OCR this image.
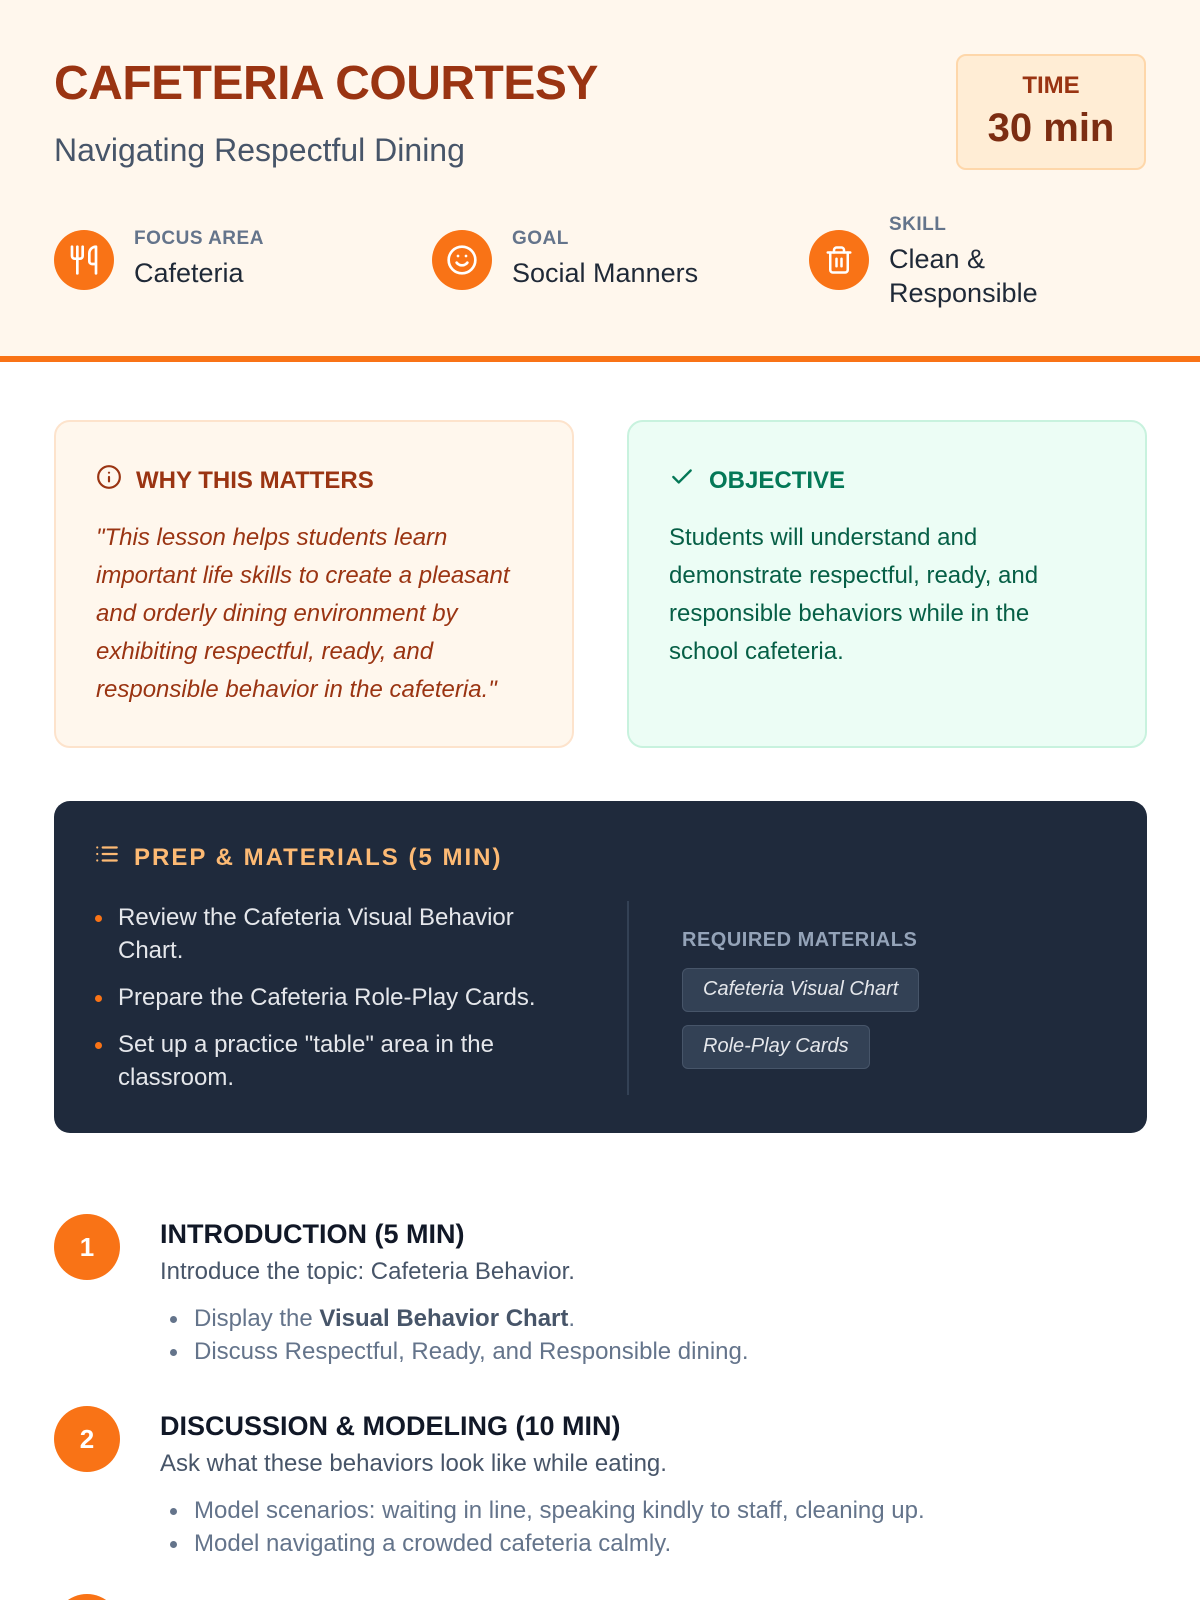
CAFETERIA COURTESY
Navigating Respectful Dining
TIME
30 min
FOCUS AREA
Cafeteria
GOAL
Social Manners
SKILL
Clean & Responsible
WHY THIS MATTERS

"This lesson helps students learn important life skills to create a pleasant and orderly dining environment by exhibiting respectful, ready, and responsible behavior in the cafeteria."

OBJECTIVE

Students will understand and demonstrate respectful, ready, and responsible behaviors while in the school cafeteria.

PREP & MATERIALS (5 MIN)
Review the Cafeteria Visual Behavior Chart.
Prepare the Cafeteria Role-Play Cards.
Set up a practice "table" area in the classroom.
REQUIRED MATERIALS
Cafeteria Visual Chart
Role-Play Cards
1	INTRODUCTION (5 MIN)
Introduce the topic: Cafeteria Behavior.
Display the Visual Behavior Chart.
Discuss Respectful, Ready, and Responsible dining.
2	DISCUSSION & MODELING (10 MIN)
Ask what these behaviors look like while eating.
Model scenarios: waiting in line, speaking kindly to staff, cleaning up.
Model navigating a crowded cafeteria calmly.
